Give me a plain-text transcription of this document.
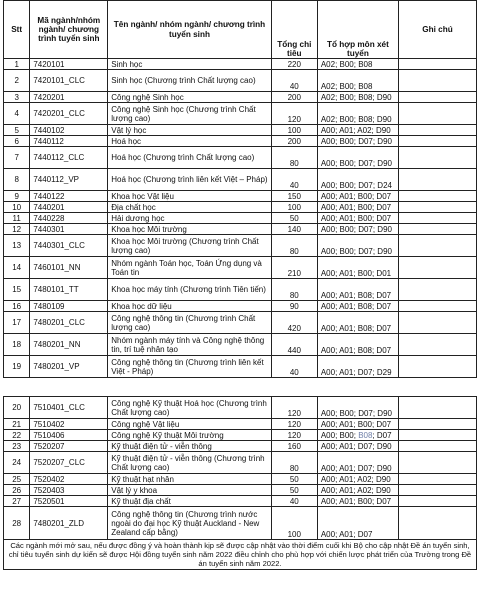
Stt	Mã ngành/nhóm ngành/ chương trình tuyển sinh	Tên ngành/ nhóm ngành/ chương trình tuyển sinh	Tổng chỉ tiêu	Tổ hợp môn xét tuyển	Ghi chú
1	7420101	Sinh học	220	A02; B00; B08	
2	7420101_CLC	Sinh học (Chương trình Chất lượng cao)	40	A02; B00; B08	
3	7420201	Công nghệ Sinh học	200	A02; B00; B08; D90	
4	7420201_CLC	Công nghệ Sinh học (Chương trình Chất lượng cao)	120	A02; B00; B08; D90	
5	7440102	Vật lý học	100	A00; A01; A02; D90	
6	7440112	Hoá học	200	A00; B00; D07; D90	
7	7440112_CLC	Hoá học (Chương trình Chất lượng cao)	80	A00; B00; D07; D90	
8	7440112_VP	Hoá học (Chương trình liên kết Việt – Pháp)	40	A00; B00; D07; D24	
9	7440122	Khoa học Vật liệu	150	A00; A01; B00; D07	
10	7440201	Địa chất học	100	A00; A01; B00; D07	
11	7440228	Hải dương học	50	A00; A01; B00; D07	
12	7440301	Khoa học Môi trường	140	A00; B00; D07; D90	
13	7440301_CLC	Khoa học Môi trường (Chương trình Chất lượng cao)	80	A00; B00; D07; D90	
14	7460101_NN	Nhóm ngành Toán học, Toán Ứng dụng và Toán tin	210	A00; A01; B00; D01	
15	7480101_TT	Khoa học máy tính (Chương trình Tiên tiến)	80	A00; A01; B08; D07	
16	7480109	Khoa học dữ liệu	90	A00; A01; B08; D07	
17	7480201_CLC	Công nghệ thông tin (Chương trình Chất lượng cao)	420	A00; A01; B08; D07	
18	7480201_NN	Nhóm ngành máy tính và Công nghệ thông tin, trí tuệ nhân tạo	440	A00; A01; B08; D07	
19	7480201_VP	Công nghệ thông tin (Chương trình liên kết Việt - Pháp)	40	A00; A01; D07; D29	

20	7510401_CLC	Công nghệ Kỹ thuật Hoá học (Chương trình Chất lượng cao)	120	A00; B00; D07; D90	
21	7510402	Công nghệ Vật liệu	120	A00; A01; B00; D07	
22	7510406	Công nghệ Kỹ thuật Môi trường	120	A00; B00; B08; D07	
23	7520207	Kỹ thuật điện tử - viễn thông	160	A00; A01; D07; D90	
24	7520207_CLC	Kỹ thuật điện tử - viễn thông (Chương trình Chất lượng cao)	80	A00; A01; D07; D90	
25	7520402	Kỹ thuật hạt nhân	50	A00; A01; A02; D90	
26	7520403	Vật lý y khoa	50	A00; A01; A02; D90	
27	7520501	Kỹ thuật địa chất	40	A00; A01; B00; D07	
28	7480201_ZLD	Công nghệ thông tin (Chương trình nước ngoài do đại học Kỹ thuật Auckland - New Zealand cấp bằng)	100	A00; A01; D07	
Các ngành mới mở sau, nếu được đồng ý và hoàn thành kịp sẽ được cập nhật vào thời điểm cuối khi Bộ cho cập nhật Đề án tuyển sinh, chỉ tiêu tuyển sinh dự kiến sẽ được Hội đồng tuyển sinh năm 2022 điều chỉnh cho phù hợp với chiến lược phát triển của Trường trong Đề án tuyển sinh năm 2022.					
